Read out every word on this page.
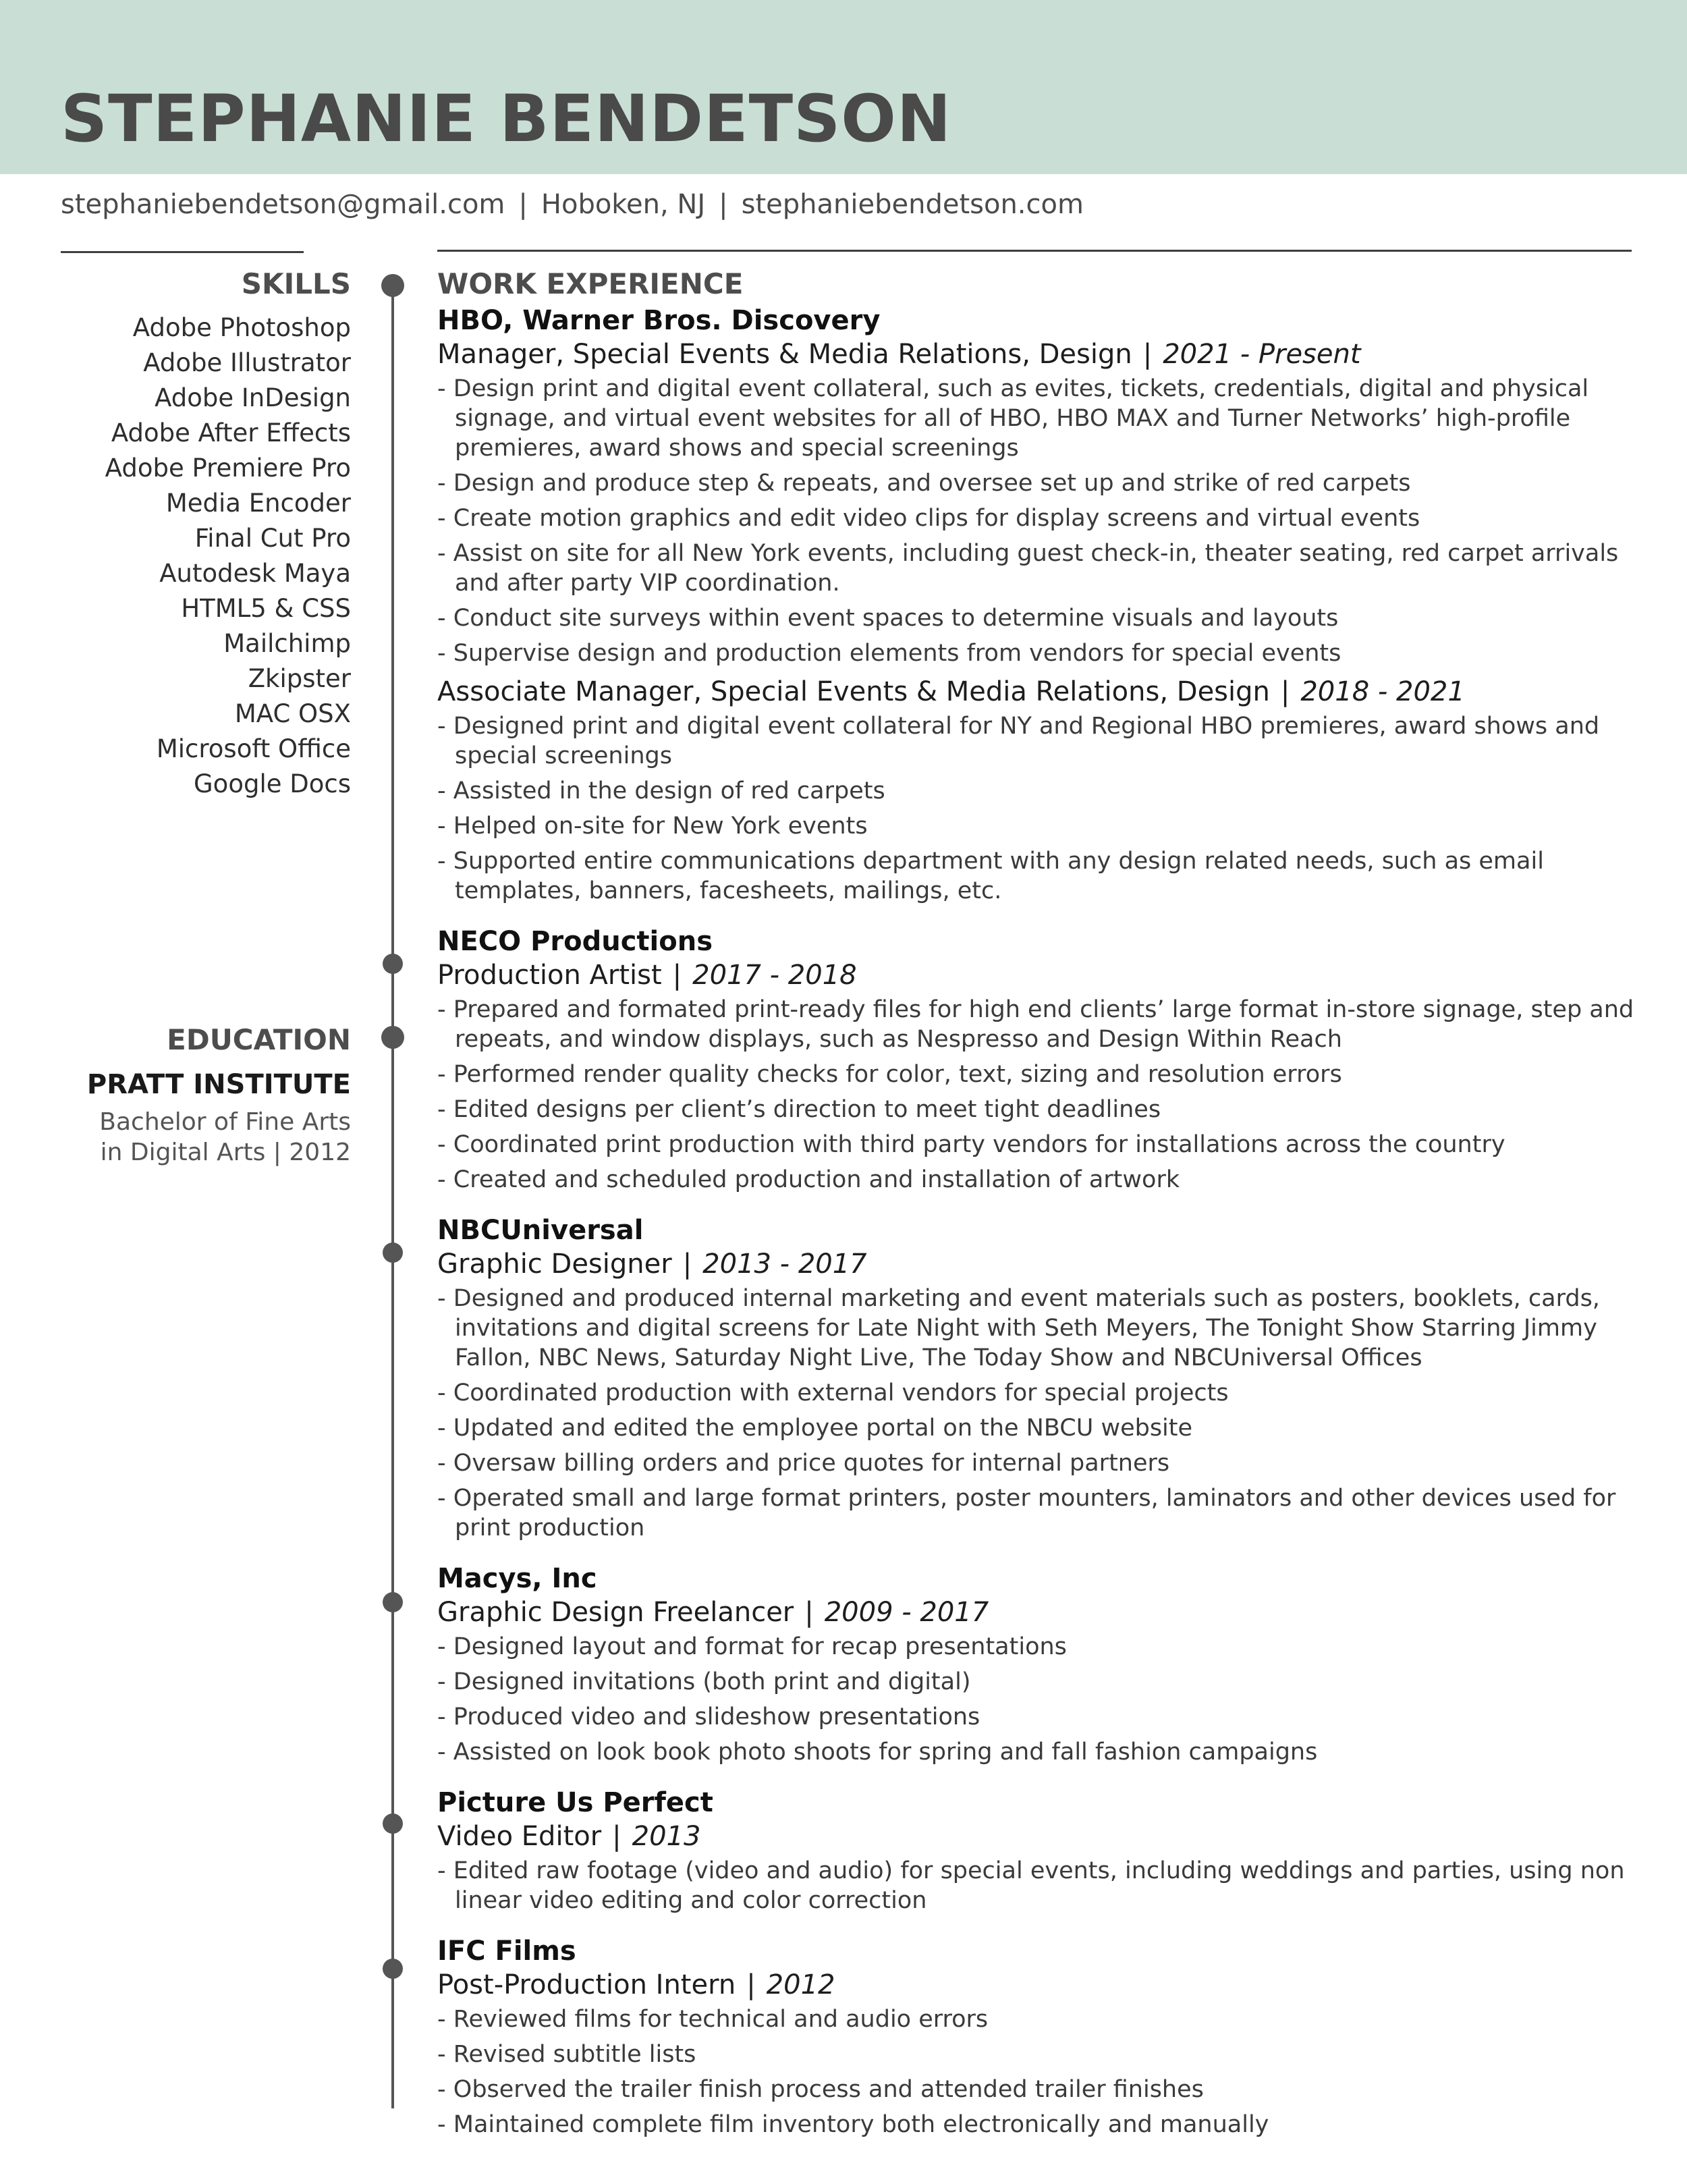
STEPHANIE BENDETSON
stephaniebendetson@gmail.com | Hoboken, NJ | stephaniebendetson.com
SKILLS
Adobe Photoshop
Adobe Illustrator
Adobe InDesign
Adobe After Effects
Adobe Premiere Pro
Media Encoder
Final Cut Pro
Autodesk Maya
HTML5 & CSS
Mailchimp
Zkipster
MAC OSX
Microsoft Office
Google Docs
EDUCATION
PRATT INSTITUTE
Bachelor of Fine Arts
in Digital Arts | 2012
WORK EXPERIENCE
HBO, Warner Bros. Discovery
Manager, Special Events & Media Relations, Design | 2021 - Present
- Design print and digital event collateral, such as evites, tickets, credentials, digital and physical signage, and virtual event websites for all of HBO, HBO MAX and Turner Networks’ high-profile premieres, award shows and special screenings
- Design and produce step & repeats, and oversee set up and strike of red carpets
- Create motion graphics and edit video clips for display screens and virtual events
- Assist on site for all New York events, including guest check-in, theater seating, red carpet arrivals and after party VIP coordination.
- Conduct site surveys within event spaces to determine visuals and layouts
- Supervise design and production elements from vendors for special events
Associate Manager, Special Events & Media Relations, Design | 2018 - 2021
- Designed print and digital event collateral for NY and Regional HBO premieres, award shows and special screenings
- Assisted in the design of red carpets
- Helped on-site for New York events
- Supported entire communications department with any design related needs, such as email templates, banners, facesheets, mailings, etc.
NECO Productions
Production Artist | 2017 - 2018
- Prepared and formated print-ready files for high end clients’ large format in-store signage, step and repeats, and window displays, such as Nespresso and Design Within Reach
- Performed render quality checks for color, text, sizing and resolution errors
- Edited designs per client’s direction to meet tight deadlines
- Coordinated print production with third party vendors for installations across the country
- Created and scheduled production and installation of artwork
NBCUniversal
Graphic Designer | 2013 - 2017
- Designed and produced internal marketing and event materials such as posters, booklets, cards, invitations and digital screens for Late Night with Seth Meyers, The Tonight Show Starring Jimmy Fallon, NBC News, Saturday Night Live, The Today Show and NBCUniversal Offices
- Coordinated production with external vendors for special projects
- Updated and edited the employee portal on the NBCU website
- Oversaw billing orders and price quotes for internal partners
- Operated small and large format printers, poster mounters, laminators and other devices used for print production
Macys, Inc
Graphic Design Freelancer | 2009 - 2017
- Designed layout and format for recap presentations
- Designed invitations (both print and digital)
- Produced video and slideshow presentations
- Assisted on look book photo shoots for spring and fall fashion campaigns
Picture Us Perfect
Video Editor | 2013
- Edited raw footage (video and audio) for special events, including weddings and parties, using non linear video editing and color correction
IFC Films
Post-Production Intern | 2012
- Reviewed films for technical and audio errors
- Revised subtitle lists
- Observed the trailer finish process and attended trailer finishes
- Maintained complete film inventory both electronically and manually
